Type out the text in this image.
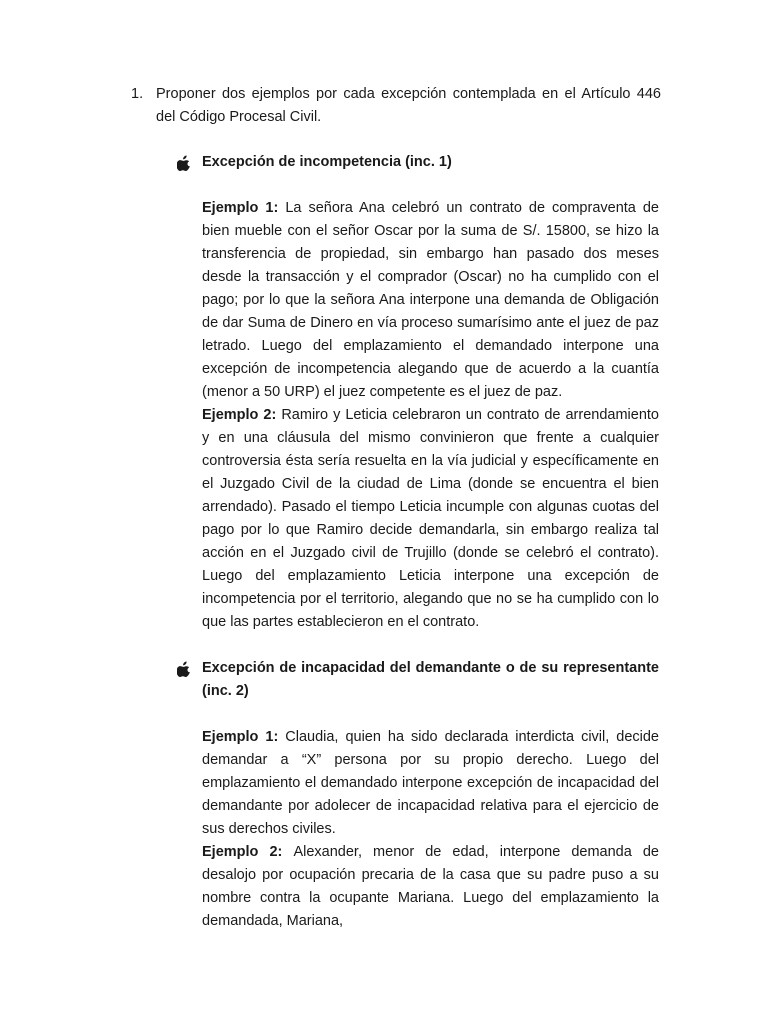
1. Proponer dos ejemplos por cada excepción contemplada en el Artículo 446 del Código Procesal Civil.
Excepción de incompetencia (inc. 1)
Ejemplo 1: La señora Ana celebró un contrato de compraventa de bien mueble con el señor Oscar por la suma de S/. 15800, se hizo la transferencia de propiedad, sin embargo han pasado dos meses desde la transacción y el comprador (Oscar) no ha cumplido con el pago; por lo que la señora Ana interpone una demanda de Obligación de dar Suma de Dinero en vía proceso sumarísimo ante el juez de paz letrado. Luego del emplazamiento el demandado interpone una excepción de incompetencia alegando que de acuerdo a la cuantía (menor a 50 URP) el juez competente es el juez de paz.
Ejemplo 2: Ramiro y Leticia celebraron un contrato de arrendamiento y en una cláusula del mismo convinieron que frente a cualquier controversia ésta sería resuelta en la vía judicial y específicamente en el Juzgado Civil de la ciudad de Lima (donde se encuentra el bien arrendado). Pasado el tiempo Leticia incumple con algunas cuotas del pago por lo que Ramiro decide demandarla, sin embargo realiza tal acción en el Juzgado civil de Trujillo (donde se celebró el contrato). Luego del emplazamiento Leticia interpone una excepción de incompetencia por el territorio, alegando que no se ha cumplido con lo que las partes establecieron en el contrato.
Excepción de incapacidad del demandante o de su representante (inc. 2)
Ejemplo 1: Claudia, quien ha sido declarada interdicta civil, decide demandar a “X” persona por su propio derecho. Luego del emplazamiento el demandado interpone excepción de incapacidad del demandante por adolecer de incapacidad relativa para el ejercicio de sus derechos civiles.
Ejemplo 2: Alexander, menor de edad, interpone demanda de desalojo por ocupación precaria de la casa que su padre puso a su nombre contra la ocupante Mariana. Luego del emplazamiento la demandada, Mariana,
